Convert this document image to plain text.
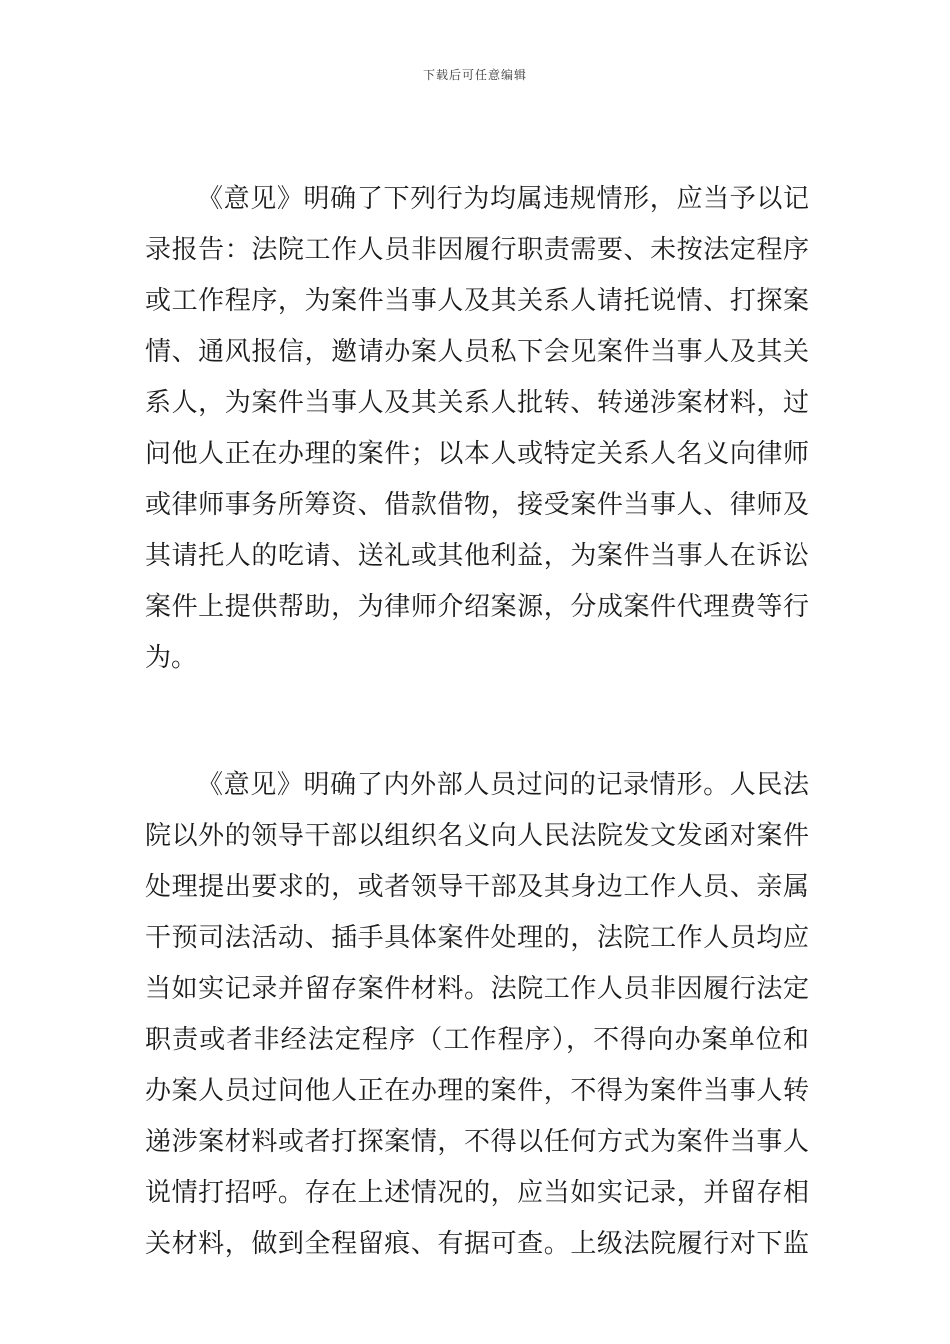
下载后可任意编辑
《意见》明确了下列行为均属违规情形，应当予以记
录报告：法院工作人员非因履行职责需要、未按法定程序
或工作程序，为案件当事人及其关系人请托说情、打探案
情、通风报信，邀请办案人员私下会见案件当事人及其关
系人，为案件当事人及其关系人批转、转递涉案材料，过
问他人正在办理的案件；以本人或特定关系人名义向律师
或律师事务所筹资、借款借物，接受案件当事人、律师及
其请托人的吃请、送礼或其他利益，为案件当事人在诉讼
案件上提供帮助，为律师介绍案源，分成案件代理费等行
为。
《意见》明确了内外部人员过问的记录情形。人民法
院以外的领导干部以组织名义向人民法院发文发函对案件
处理提出要求的，或者领导干部及其身边工作人员、亲属
干预司法活动、插手具体案件处理的，法院工作人员均应
当如实记录并留存案件材料。法院工作人员非因履行法定
职责或者非经法定程序（工作程序），不得向办案单位和
办案人员过问他人正在办理的案件，不得为案件当事人转
递涉案材料或者打探案情，不得以任何方式为案件当事人
说情打招呼。存在上述情况的，应当如实记录，并留存相
关材料，做到全程留痕、有据可查。上级法院履行对下监
